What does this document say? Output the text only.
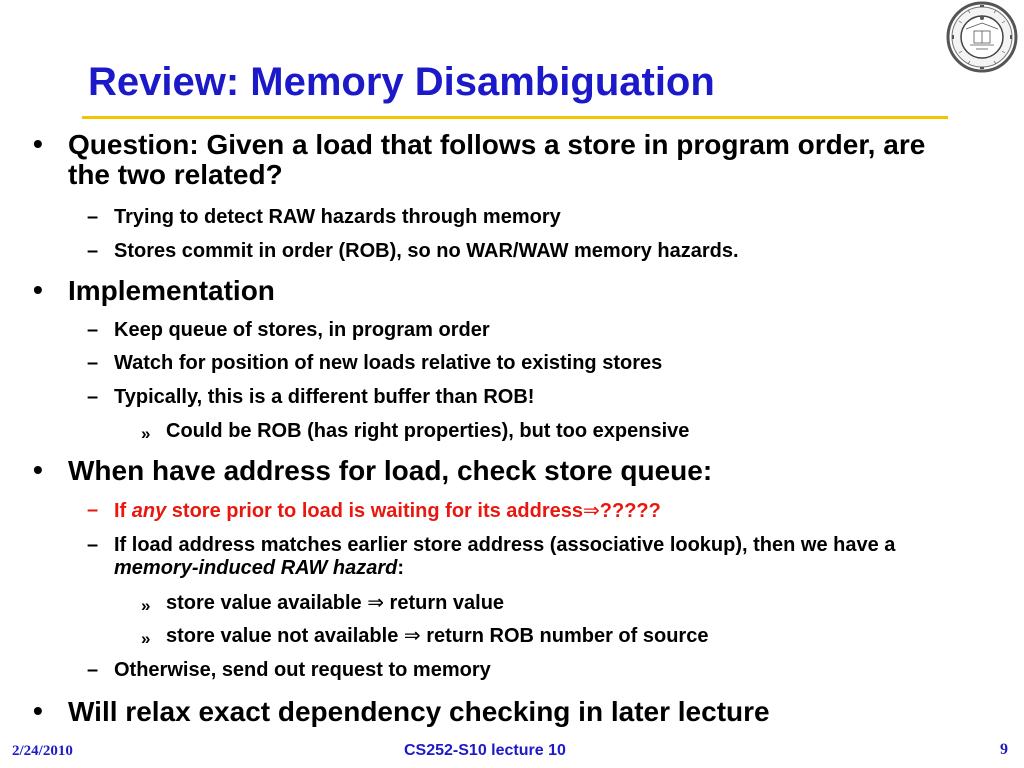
Review: Memory Disambiguation
• Question: Given a load that follows a store in program order, are the two related?
– Trying to detect RAW hazards through memory
– Stores commit in order (ROB), so no WAR/WAW memory hazards.
• Implementation
– Keep queue of stores, in program order
– Watch for position of new loads relative to existing stores
– Typically, this is a different buffer than ROB!
» Could be ROB (has right properties), but too expensive
• When have address for load, check store queue:
– If any store prior to load is waiting for its address⇒?????
– If load address matches earlier store address (associative lookup), then we have a memory-induced RAW hazard:
» store value available ⇒ return value
» store value not available ⇒ return ROB number of source
– Otherwise, send out request to memory
• Will relax exact dependency checking in later lecture
2/24/2010	CS252-S10 lecture 10	9
